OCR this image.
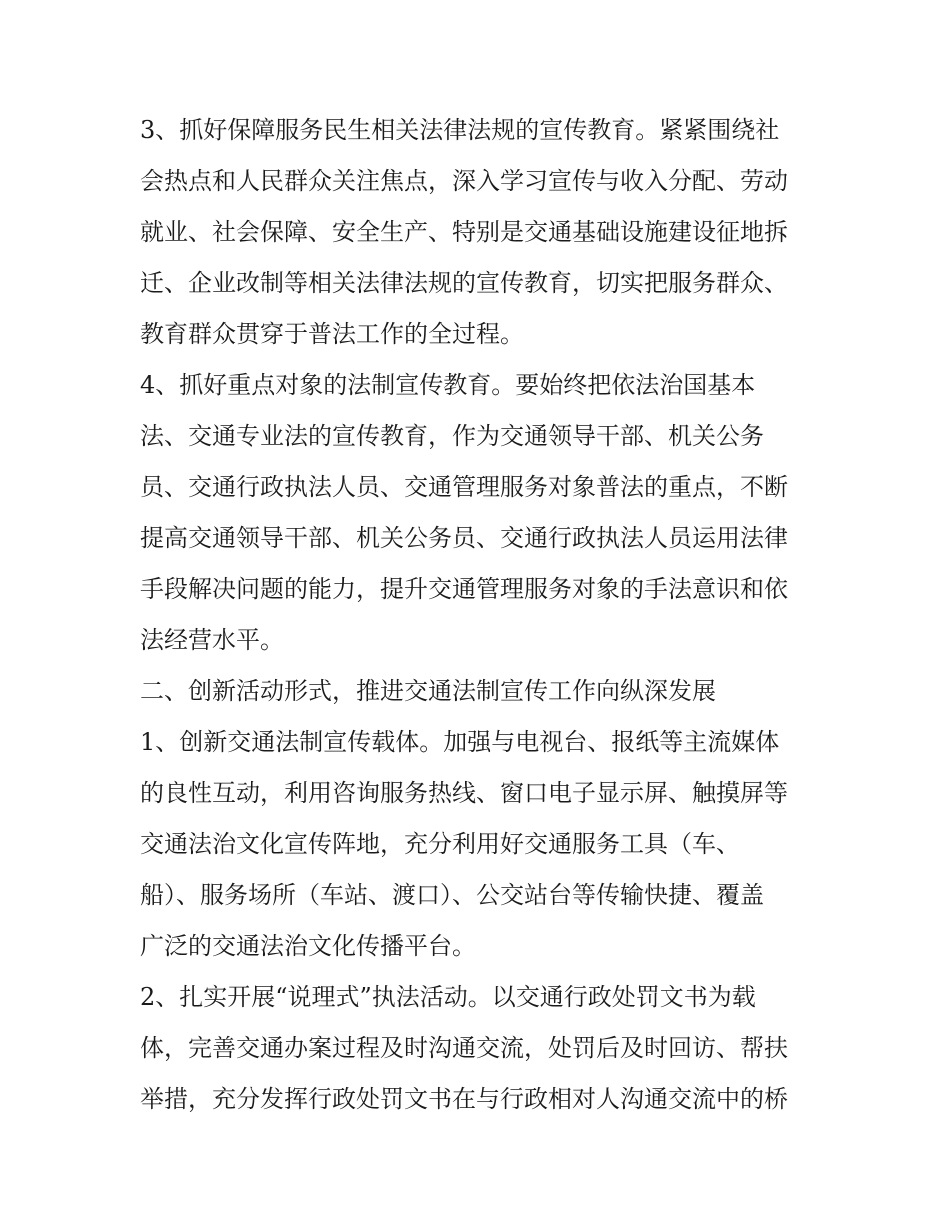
3、抓好保障服务民生相关法律法规的宣传教育。紧紧围绕社
会热点和人民群众关注焦点，深入学习宣传与收入分配、劳动
就业、社会保障、安全生产、特别是交通基础设施建设征地拆
迁、企业改制等相关法律法规的宣传教育，切实把服务群众、
教育群众贯穿于普法工作的全过程。
4、抓好重点对象的法制宣传教育。要始终把依法治国基本
法、交通专业法的宣传教育，作为交通领导干部、机关公务
员、交通行政执法人员、交通管理服务对象普法的重点，不断
提高交通领导干部、机关公务员、交通行政执法人员运用法律
手段解决问题的能力，提升交通管理服务对象的手法意识和依
法经营水平。
二、创新活动形式，推进交通法制宣传工作向纵深发展
1、创新交通法制宣传载体。加强与电视台、报纸等主流媒体
的良性互动，利用咨询服务热线、窗口电子显示屏、触摸屏等
交通法治文化宣传阵地，充分利用好交通服务工具（车、
船）、服务场所（车站、渡口）、公交站台等传输快捷、覆盖
广泛的交通法治文化传播平台。
2、扎实开展“说理式”执法活动。以交通行政处罚文书为载
体，完善交通办案过程及时沟通交流，处罚后及时回访、帮扶
举措，充分发挥行政处罚文书在与行政相对人沟通交流中的桥
